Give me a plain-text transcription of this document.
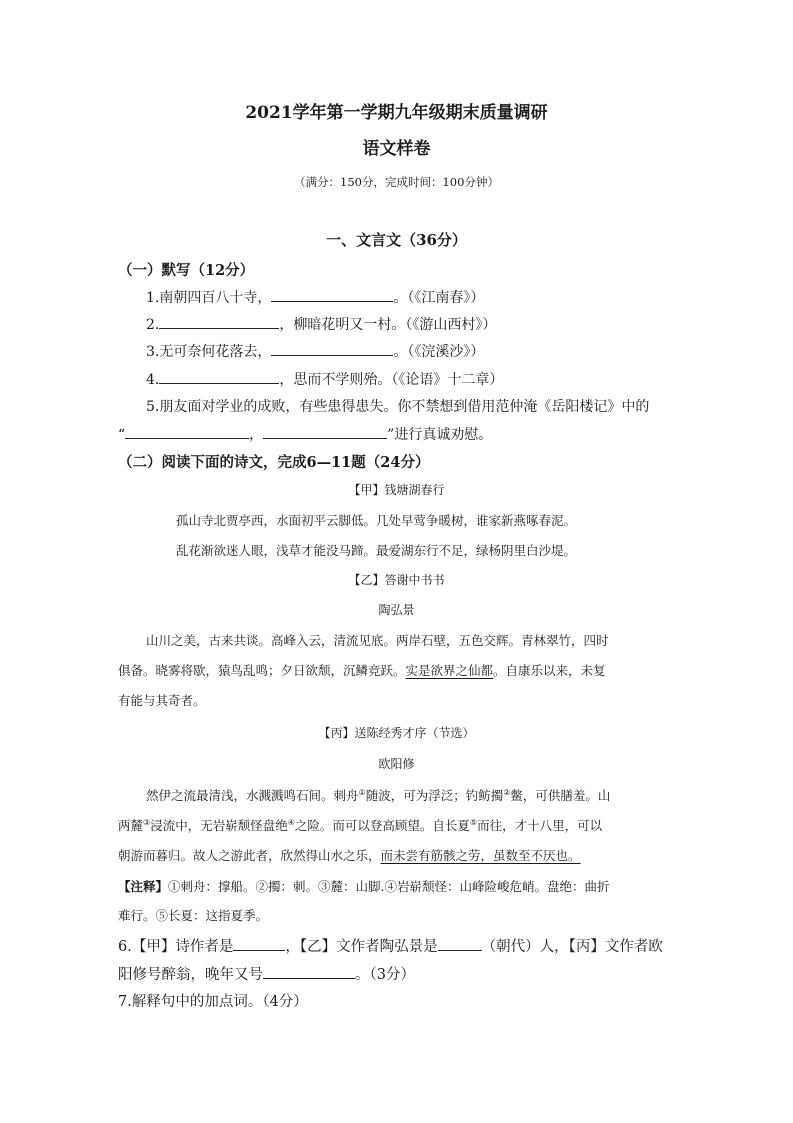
2021学年第一学期九年级期末质量调研
语文样卷
（满分：150分，完成时间：100分钟）
一、文言文（36分）
（一）默写（12分）
1.南朝四百八十寺，	。（《江南春》）
2.	，柳暗花明又一村。（《游山西村》）
3.无可奈何花落去，	。（《浣溪沙》）
4.	，思而不学则殆。（《论语》十二章）
5.朋友面对学业的成败，有些患得患失。你不禁想到借用范仲淹《岳阳楼记》中的
“	，	”进行真诚劝慰。
（二）阅读下面的诗文，完成6—11题（24分）
【甲】钱塘湖春行
孤山寺北贾亭西，水面初平云脚低。几处早莺争暖树，谁家新燕啄春泥。
乱花渐欲迷人眼，浅草才能没马蹄。最爱湖东行不足，绿杨阴里白沙堤。
【乙】答谢中书书
陶弘景
山川之美，古来共谈。高峰入云，清流见底。两岸石壁，五色交辉。青林翠竹，四时
俱备。晓雾将歇，猿鸟乱鸣；夕日欲颓，沉鳞竞跃。实是欲界之仙都。自康乐以来，未复
有能与其奇者。
【丙】送陈经秀才序（节选）
欧阳修
然伊之流最清浅，水溅溅鸣石间。刺舟①随波，可为浮泛；钓鲂擉②鳖，可供膳羞。山
两麓③浸流中，无岩崭颓怪盘绝④之险。而可以登高顾望。自长夏⑤而往，才十八里，可以
朝游而暮归。故人之游此者，欣然得山水之乐，而未尝有筋骸之劳，虽数至不厌也。
【注释】①刺舟：撑船。②擉：刺。③麓：山脚.④岩崭颓怪：山峰险峻危峭。盘绝：曲折
难行。⑤长夏：这指夏季。
6.【甲】诗作者是	，【乙】文作者陶弘景是	（朝代）人，【丙】文作者欧
阳修号醉翁，晚年又号	。（3分）
7.解释句中的加点词。（4分）
